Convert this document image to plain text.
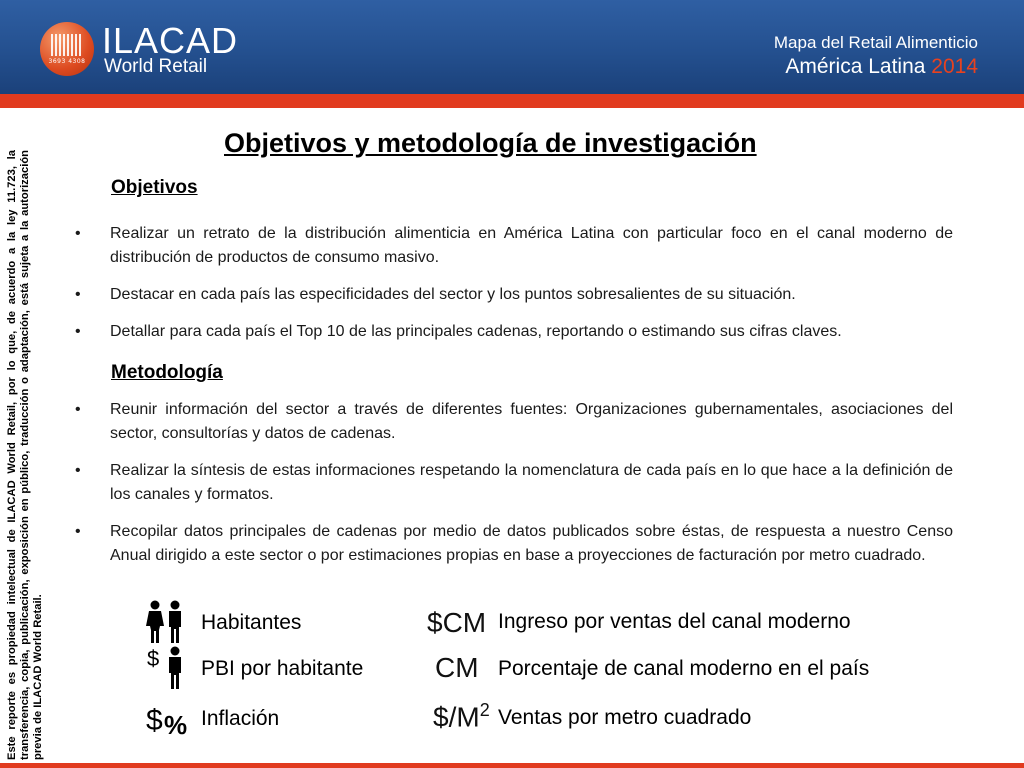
3693 4308
ILACAD
World Retail
Mapa del Retail Alimenticio
América Latina 2014
Este reporte es propiedad intelectual de ILACAD World Retail, por lo que, de acuerdo a la ley 11.723, la transferencia, copia, publicación, exposición en público, traducción o adaptación, está sujeta a la autorización previa de ILACAD World Retail.
Objetivos y metodología de investigación
Objetivos
• Realizar un retrato de la distribución alimenticia en América Latina con particular foco en el canal moderno de distribución de productos de consumo masivo.
• Destacar en cada país las especificidades del sector y los puntos sobresalientes de su situación.
• Detallar para cada país el Top 10 de las principales cadenas, reportando o estimando sus cifras claves.
Metodología
• Reunir información del sector a través de diferentes fuentes: Organizaciones gubernamentales, asociaciones del sector, consultorías y datos de cadenas.
• Realizar la síntesis de estas informaciones respetando la nomenclatura de cada país en lo que hace a la definición de los canales y formatos.
• Recopilar datos principales de cadenas por medio de datos publicados sobre éstas, de respuesta a nuestro Censo Anual dirigido a este sector o por estimaciones propias en base a proyecciones de facturación por metro cuadrado.
Habitantes
$ PBI por habitante
$ % Inflación
$CM Ingreso por ventas del canal moderno
CM Porcentaje de canal moderno en el país
$\$/M^2$ Ventas por metro cuadrado
